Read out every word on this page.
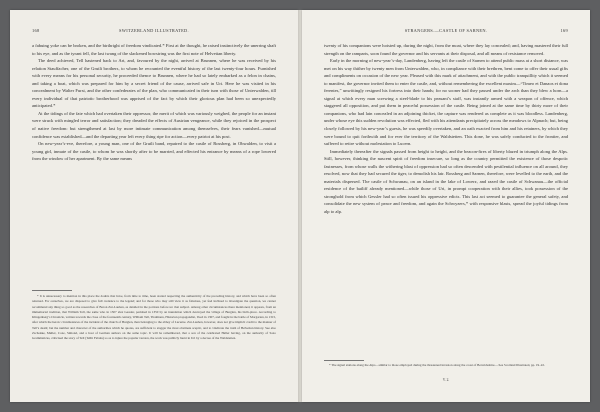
168	SWITZERLAND ILLUSTRATED.

a fabuing yoke can be broken, and the birthright of freedom vindicated.* First at the thought, he raised instinctively the unerring shaft to his eye, and as the tyrant fell, the last twang of the slackened bowstring was the first note of Helvetian liberty.

The deed achieved, Tell hastened back to Art, and, favoured by the night, arrived at Brunnen, where he was received by his relation Stauffacher, one of the Grutli brothers, to whom he recounted the eventful history of the last twenty-four hours. Furnished with every means for his personal security, he proceeded thence to Brunnen, where he had so lately embarked as a felon in chains, and taking a boat, which was prepared for him by a secret friend of the cause, arrived safe in Uri. Here he was visited in his concealment by Walter Furst, and the other confederates of the plan, who communicated in their turn with those of Unterwalden, till every individual of that patriotic brotherhood was apprised of the fact by which their glorious plan had been so unexpectedly anticipated.*

At the tidings of the fate which had overtaken their oppressor, the merit of which was variously weighed, the people for an instant were struck with mingled terror and satisfaction; they dreaded the effects of Austrian vengeance, while they rejoiced in the prospect of native freedom: but strengthened at last by more intimate communication among themselves, their fears vanished—mutual confidence was established—and the departing year left every thing ripe for action—every patriot at his post.

On new-year’s-eve, therefore, a young man, one of the Grutli band, repaired to the castle of Rossberg, in Obwalden, to visit a young girl, inmate of the castle, to whom he was shortly after to be married, and effected his entrance by means of a rope lowered from the window of her apartment. By the same means

* It is unnecessary to mention in this place the doubts that have, from time to time, been started respecting the authenticity of the preceding history, and which have been so often returned. For ourselves, we are disposed to give full credence to the legend; and for those who may still view it as fabulous, yet feel inclined to investigate the question, we cannot recommend any thing so good as the researches of Baron Zur-Lauben, as detailed in the portions before us: that subject. Among other circumstances there mentioned, it appears, from an immemorial tradition, that William Tell, the same who in 1307 shot Gessler, perished in 1350 by an inundation which destroyed the village of Burglen, his birth-place. According to Klingenberg’s Chronicle, written towards the close of the fourteenth century, William Tell, Thalmann, Historian propagandist, lived in 1307, and fought in the battle of Morgarten, in 1315, after which the heroic circumstances of the incident of the church of Burglen, then belonging to the abbey of Lucerne. Zur-Lauben, however, does not give implicit credit to the manner of Tell’s death; but the number and character of the authorities which he quotes, are sufficient to stagger the most obstinate sceptic, and to vindicate the truth of Helvetian history. See also Zschokke, Muller, Coxe, Simond, and a host of German authors on the same topic. It will be remembered, that a son of the celebrated Haller having, on the authority of Saxo Grammaticus, criticised the story of Tell (Tellii Fabula) so as to injure the popular version, the work was publicly burnt in Uri by a decree of the Waldstetten.

STRANGERS.—CASTLE OF SARNEN.	169

twenty of his companions were hoisted up, during the night, from the moat, where they lay concealed; and, having mastered their full strength on the ramparts, soon found the governor and his servants at their disposal, and all means of resistance removed.

Early in the morning of new-year’s-day, Landenberg, having left the castle of Sarnen to attend public mass at a short distance, was met on his way thither by twenty men from Unterwalden, who, in compliance with their brethren, bent come to offer their usual gifts and compliments on occasion of the new year. Pleased with this mark of attachment, and with the public tranquillity which it seemed to manifest, the governor invited them to enter the castle, and, without remembering the excellent maxim—“Timeo et Danaos et dona ferentes,” unwittingly resigned his fortress into their hands; for no sooner had they passed under the arch than they blew a horn—a signal at which every man screwing a steel-blade to his peasant’s staff, was instantly armed with a weapon of offence, which staggered all opposition, and put them in peaceful possession of the castle. Being joined at the same time by thirty more of their companions, who had lain concealed in an adjoining thicket, the capture was rendered as complete as it was bloodless. Landenberg, under whose eye this sudden revolution was effected, fled with his attendants precipitately across the meadows to Alpnach; but, being closely followed by his new-year’s guests, he was speedily overtaken, and an oath exacted from him and his retainers, by which they were bound to quit forthwith and for ever the territory of the Waldstetten. This done, he was safely conducted to the frontier, and suffered to retire without molestation to Lucern.

Immediately thereafter the signals passed from height to height, and the beacon-fires of liberty blazed in triumph along the Alps. Still, however, thinking the nascent spirit of freedom insecure, so long as the country permitted the existence of those despotic fastnesses, from whose walls the withering blast of oppression had so often descended with pestilential influence on all around, they resolved, now that they had secured the tiger, to demolish his lair. Rossberg and Sarnen, therefore, were levelled to the earth, and the materials dispersed. The castle of Schwanau, on an island in the lake of Lowerz, and razed the castle of Schwanau—the official residence of the bailiff already mentioned—while those of Uri, in prompt cooperation with their allies, took possession of the stronghold from which Gessler had so often issued his oppressive edicts. This last act seemed to guarantee the general safety, and consolidate the new system of peace and freedom, and again the Schwyzers,* with responsive blasts, spread the joyful tidings from alp to alp.

* The signal stations along the Alps—similar to those employed during the threatened invasion along the coast of Berwickshire.—See Scotland Illustrated, pp. 19–22.

V. 2.
